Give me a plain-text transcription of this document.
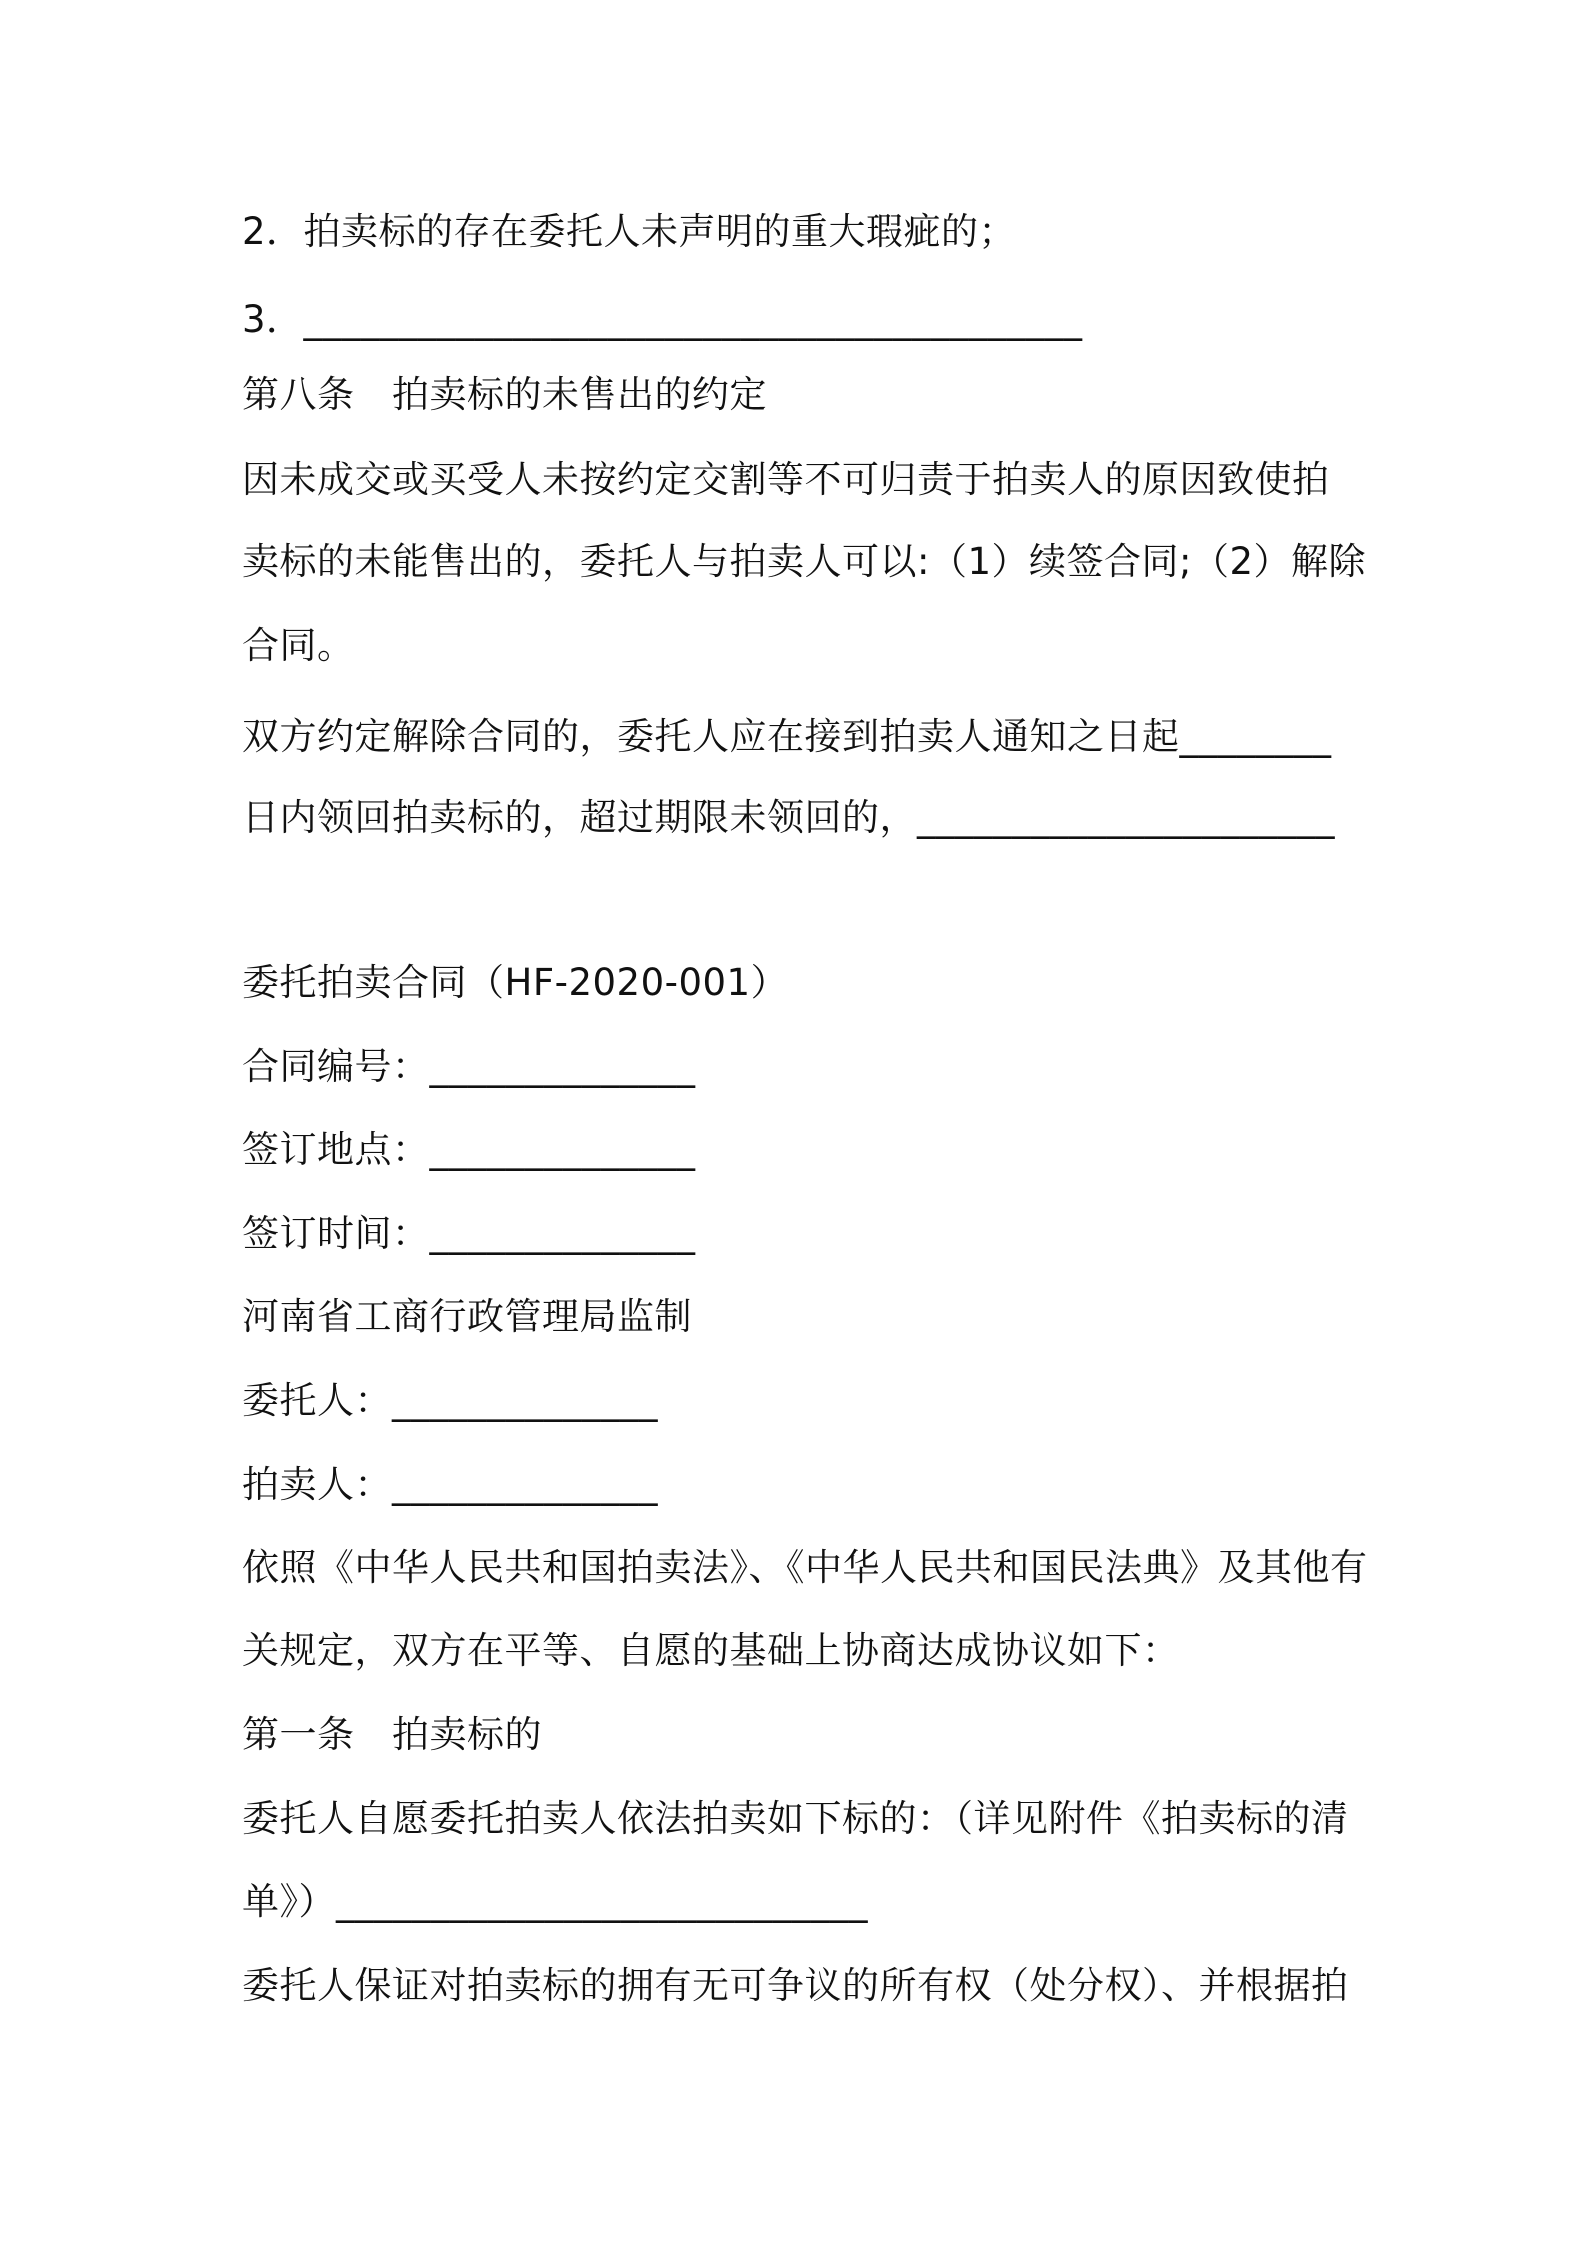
2．拍卖标的存在委托人未声明的重大瑕疵的；
3．_________________________________________
第八条　拍卖标的未售出的约定
因未成交或买受人未按约定交割等不可归责于拍卖人的原因致使拍
卖标的未能售出的，委托人与拍卖人可以:（1）续签合同;（2）解除
合同。
双方约定解除合同的，委托人应在接到拍卖人通知之日起________
日内领回拍卖标的，超过期限未领回的，______________________
委托拍卖合同（HF-2020-001）
合同编号：______________
签订地点：______________
签订时间：______________
河南省工商行政管理局监制
委托人：______________
拍卖人：______________
依照《中华人民共和国拍卖法》、《中华人民共和国民法典》及其他有
关规定，双方在平等、自愿的基础上协商达成协议如下：
第一条　拍卖标的
委托人自愿委托拍卖人依法拍卖如下标的：（详见附件《拍卖标的清
单》）____________________________
委托人保证对拍卖标的拥有无可争议的所有权（处分权）、并根据拍
